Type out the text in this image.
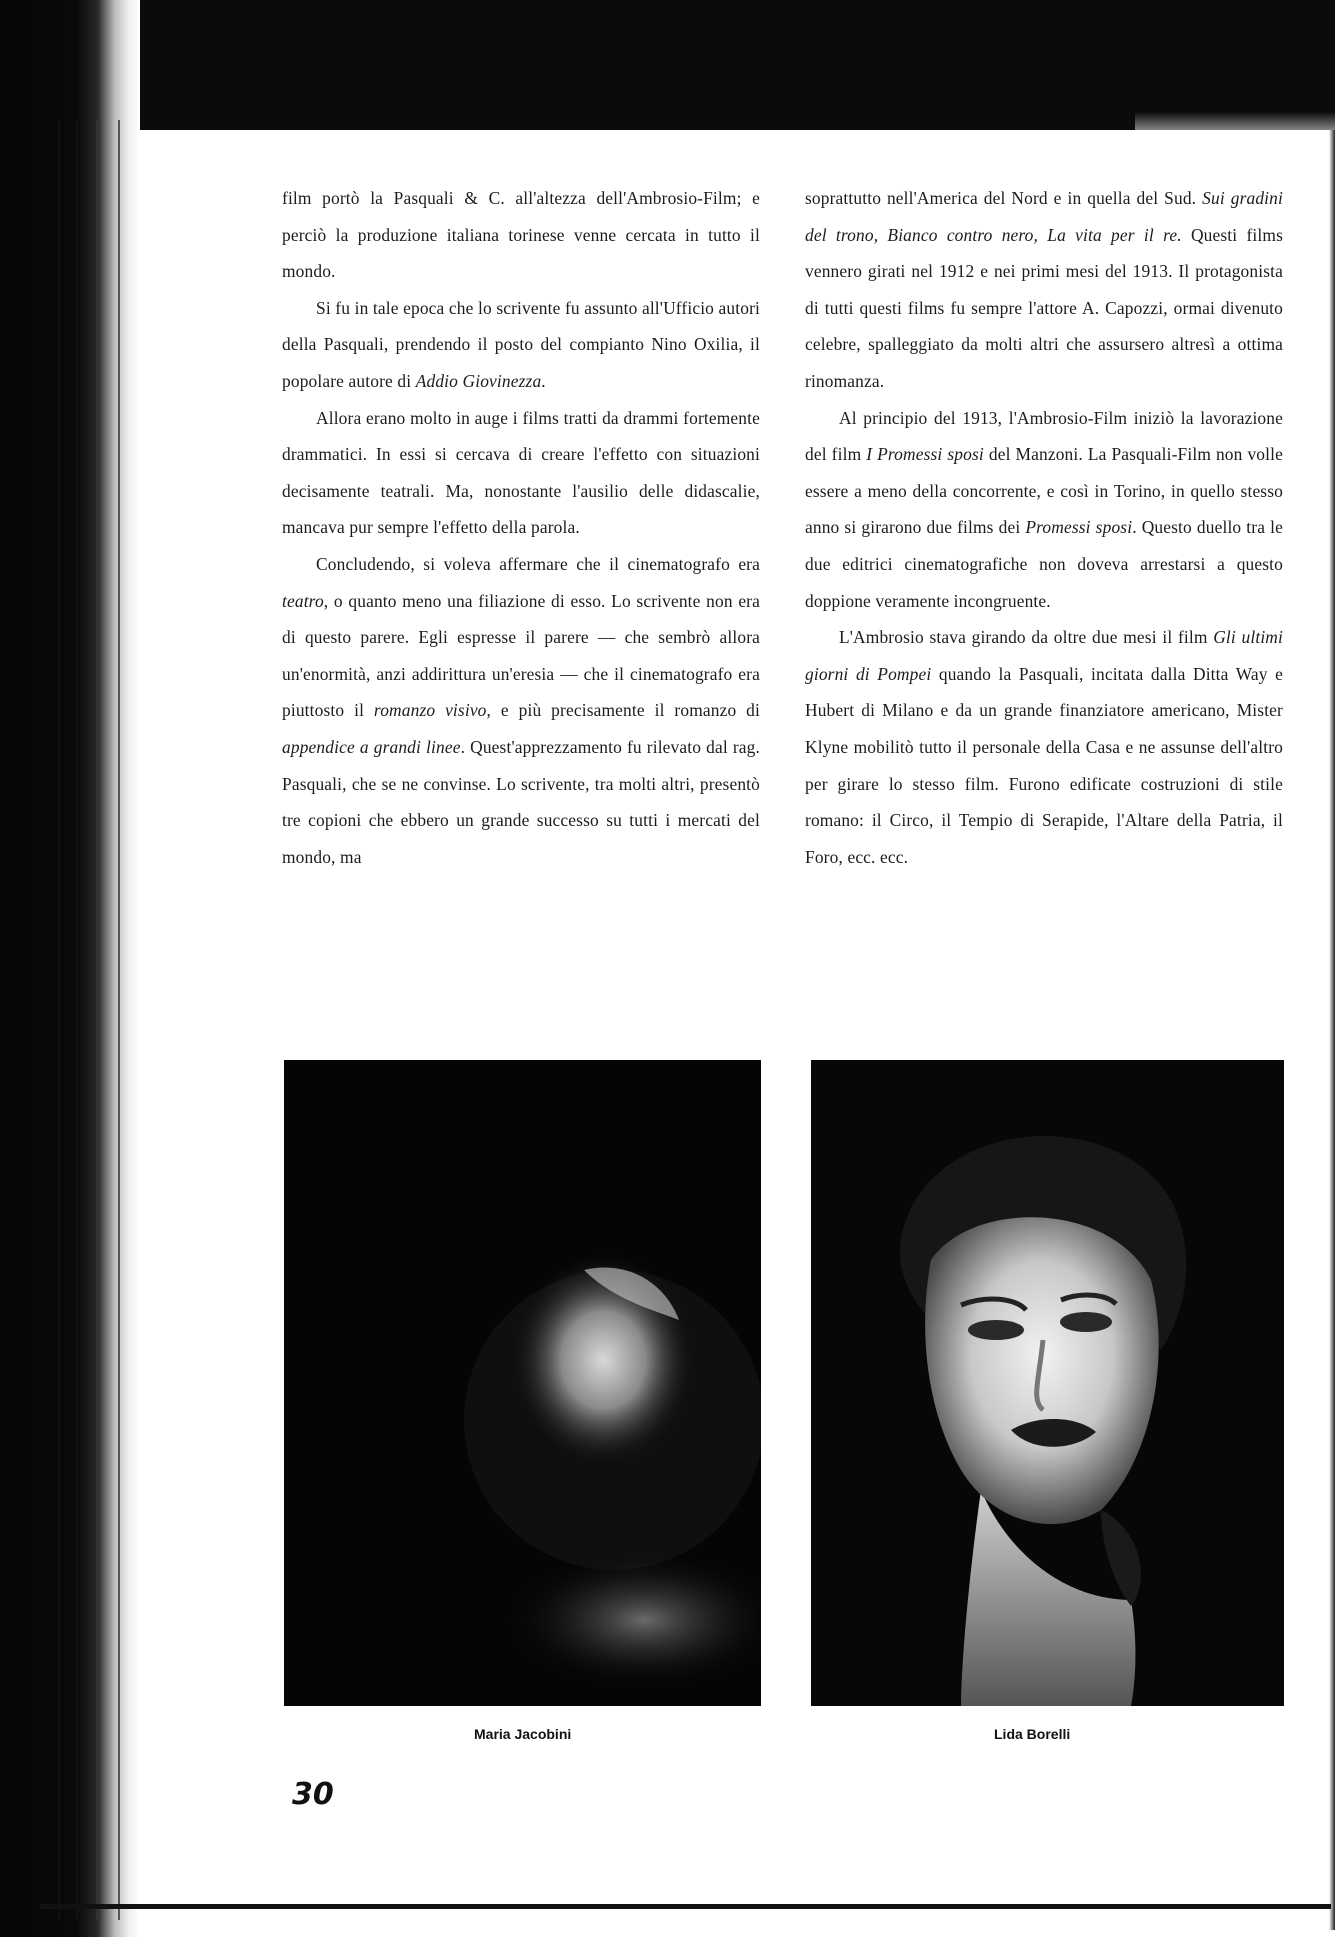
film portò la Pasquali & C. all'altezza dell'Ambrosio-Film; e perciò la produzione italiana torinese venne cercata in tutto il mondo.

Si fu in tale epoca che lo scrivente fu assunto all'Ufficio autori della Pasquali, prendendo il posto del compianto Nino Oxilia, il popolare autore di Addio Giovinezza.

Allora erano molto in auge i films tratti da drammi fortemente drammatici. In essi si cercava di creare l'effetto con situazioni decisamente teatrali. Ma, nonostante l'ausilio delle didascalie, mancava pur sempre l'effetto della parola.

Concludendo, si voleva affermare che il cinematografo era teatro, o quanto meno una filiazione di esso. Lo scrivente non era di questo parere. Egli espresse il parere — che sembrò allora un'enormità, anzi addirittura un'eresia — che il cinematografo era piuttosto il romanzo visivo, e più precisamente il romanzo di appendice a grandi linee. Quest'apprezzamento fu rilevato dal rag. Pasquali, che se ne convinse. Lo scrivente, tra molti altri, presentò tre copioni che ebbero un grande successo su tutti i mercati del mondo, ma

soprattutto nell'America del Nord e in quella del Sud. Sui gradini del trono, Bianco contro nero, La vita per il re. Questi films vennero girati nel 1912 e nei primi mesi del 1913. Il protagonista di tutti questi films fu sempre l'attore A. Capozzi, ormai divenuto celebre, spalleggiato da molti altri che assursero altresì a ottima rinomanza.

Al principio del 1913, l'Ambrosio-Film iniziò la lavorazione del film I Promessi sposi del Manzoni. La Pasquali-Film non volle essere a meno della concorrente, e così in Torino, in quello stesso anno si girarono due films dei Promessi sposi. Questo duello tra le due editrici cinematografiche non doveva arrestarsi a questo doppione veramente incongruente.

L'Ambrosio stava girando da oltre due mesi il film Gli ultimi giorni di Pompei quando la Pasquali, incitata dalla Ditta Way e Hubert di Milano e da un grande finanziatore americano, Mister Klyne mobilitò tutto il personale della Casa e ne assunse dell'altro per girare lo stesso film. Furono edificate costruzioni di stile romano: il Circo, il Tempio di Serapide, l'Altare della Patria, il Foro, ecc. ecc.

Maria Jacobini	Lida Borelli
30
